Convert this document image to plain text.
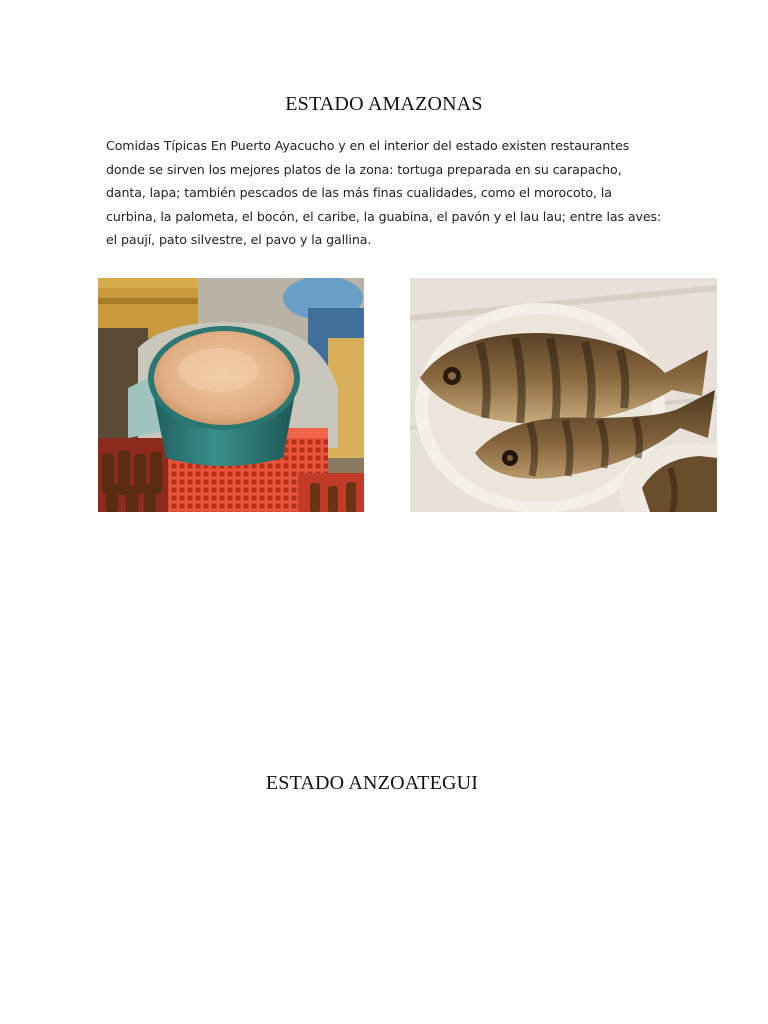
ESTADO AMAZONAS
Comidas Típicas En Puerto Ayacucho y en el interior del estado existen restaurantes
donde se sirven los mejores platos de la zona: tortuga preparada en su carapacho,
danta, lapa; también pescados de las más finas cualidades, como el morocoto, la
curbina, la palometa, el bocón, el caribe, la guabina, el pavón y el lau lau; entre las aves:
el paují, pato silvestre, el pavo y la gallina.
ESTADO ANZOATEGUI
